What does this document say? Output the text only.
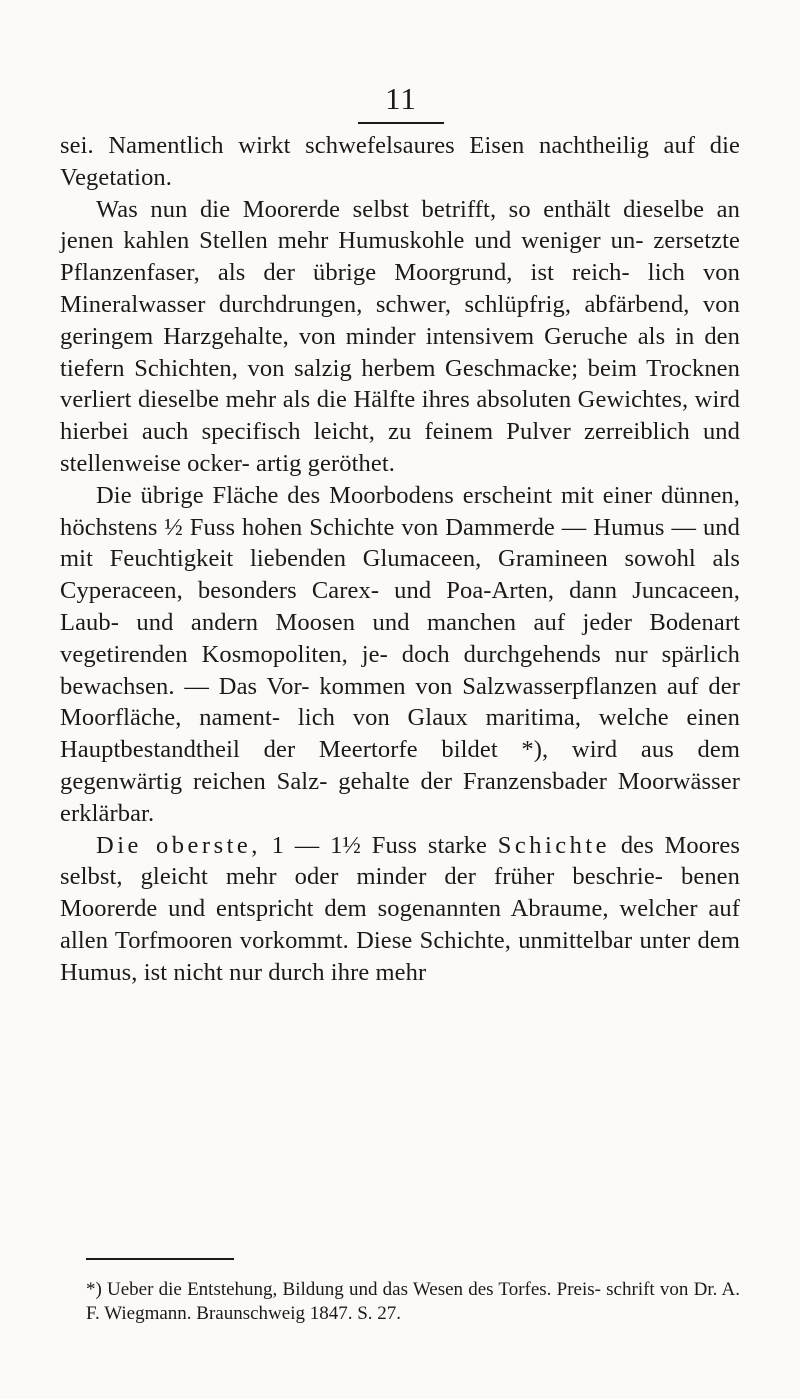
11

sei. Namentlich wirkt schwefelsaures Eisen nachtheilig auf die Vegetation.

Was nun die Moorerde selbst betrifft, so enthält dieselbe an jenen kahlen Stellen mehr Humuskohle und weniger un- zersetzte Pflanzenfaser, als der übrige Moorgrund, ist reich- lich von Mineralwasser durchdrungen, schwer, schlüpfrig, abfärbend, von geringem Harzgehalte, von minder intensivem Geruche als in den tiefern Schichten, von salzig herbem Geschmacke; beim Trocknen verliert dieselbe mehr als die Hälfte ihres absoluten Gewichtes, wird hierbei auch specifisch leicht, zu feinem Pulver zerreiblich und stellenweise ocker- artig geröthet.

Die übrige Fläche des Moorbodens erscheint mit einer dünnen, höchstens ½ Fuss hohen Schichte von Dammerde — Humus — und mit Feuchtigkeit liebenden Glumaceen, Gramineen sowohl als Cyperaceen, besonders Carex- und Poa-Arten, dann Juncaceen, Laub- und andern Moosen und manchen auf jeder Bodenart vegetirenden Kosmopoliten, je- doch durchgehends nur spärlich bewachsen. — Das Vor- kommen von Salzwasserpflanzen auf der Moorfläche, nament- lich von Glaux maritima, welche einen Hauptbestandtheil der Meertorfe bildet *), wird aus dem gegenwärtig reichen Salz- gehalte der Franzensbader Moorwässer erklärbar.

Die oberste, 1 — 1½ Fuss starke Schichte des Moores selbst, gleicht mehr oder minder der früher beschrie- benen Moorerde und entspricht dem sogenannten Abraume, welcher auf allen Torfmooren vorkommt. Diese Schichte, unmittelbar unter dem Humus, ist nicht nur durch ihre mehr

*) Ueber die Entstehung, Bildung und das Wesen des Torfes. Preis- schrift von Dr. A. F. Wiegmann. Braunschweig 1847. S. 27.
